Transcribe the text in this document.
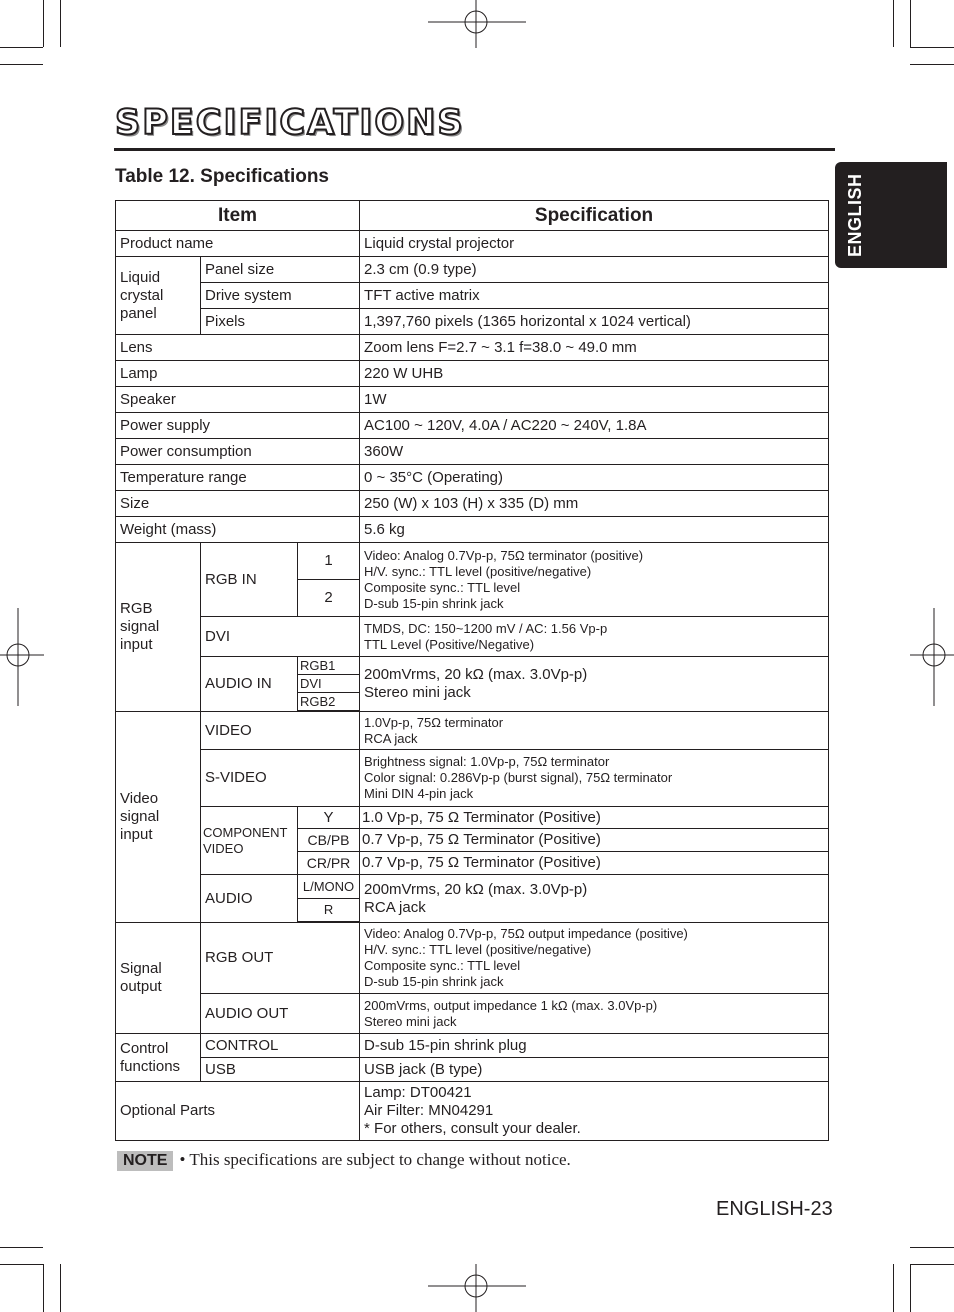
SPECIFICATIONS
Table 12. Specifications	ENGLISH
Item			Specification
Product name			Liquid crystal projector
Liquid
crystal
panel	Panel size		2.3 cm (0.9 type)
	Drive system		TFT active matrix
	Pixels		1,397,760 pixels (1365 horizontal x 1024 vertical)
Lens			Zoom lens F=2.7 ~ 3.1 f=38.0 ~ 49.0 mm
Lamp			220 W UHB
Speaker			1W
Power supply			AC100 ~ 120V, 4.0A / AC220 ~ 240V, 1.8A
Power consumption			360W
Temperature range			0 ~ 35°C (Operating)
Size			250 (W) x 103 (H) x 335 (D) mm
Weight (mass)			5.6 kg
RGB
signal
input	RGB IN	1	Video: Analog 0.7Vp-p, 75Ω terminator (positive)
H/V. sync.: TTL level (positive/negative)
Composite sync.: TTL level
D-sub 15-pin shrink jack
		2	
	DVI		TMDS, DC: 150~1200 mV / AC: 1.56 Vp-p
TTL Level (Positive/Negative)
	AUDIO IN	RGB1	200mVrms, 20 kΩ (max. 3.0Vp-p)
Stereo mini jack
		DVI	
		RGB2	

Video
signal
input	VIDEO		1.0Vp-p, 75Ω terminator
RCA jack
	S-VIDEO		Brightness signal: 1.0Vp-p, 75Ω terminator
Color signal: 0.286Vp-p (burst signal), 75Ω terminator
Mini DIN 4-pin jack
	COMPONENT
VIDEO	Y	1.0 Vp-p, 75 Ω Terminator (Positive)
		CB/PB	0.7 Vp-p, 75 Ω Terminator (Positive)
		CR/PR	0.7 Vp-p, 75 Ω Terminator (Positive)
	AUDIO	L/MONO	200mVrms, 20 kΩ (max. 3.0Vp-p)
RCA jack
		R	

Signal
output	RGB OUT		Video: Analog 0.7Vp-p, 75Ω output impedance (positive)
H/V. sync.: TTL level (positive/negative)
Composite sync.: TTL level
D-sub 15-pin shrink jack
	AUDIO OUT		200mVrms, output impedance 1 kΩ (max. 3.0Vp-p)
Stereo mini jack
Control
functions	CONTROL		D-sub 15-pin shrink plug
	USB		USB jack (B type)
Optional Parts			Lamp: DT00421
Air Filter: MN04291
* For others, consult your dealer.
NOTE • This specifications are subject to change without notice.
ENGLISH-23
